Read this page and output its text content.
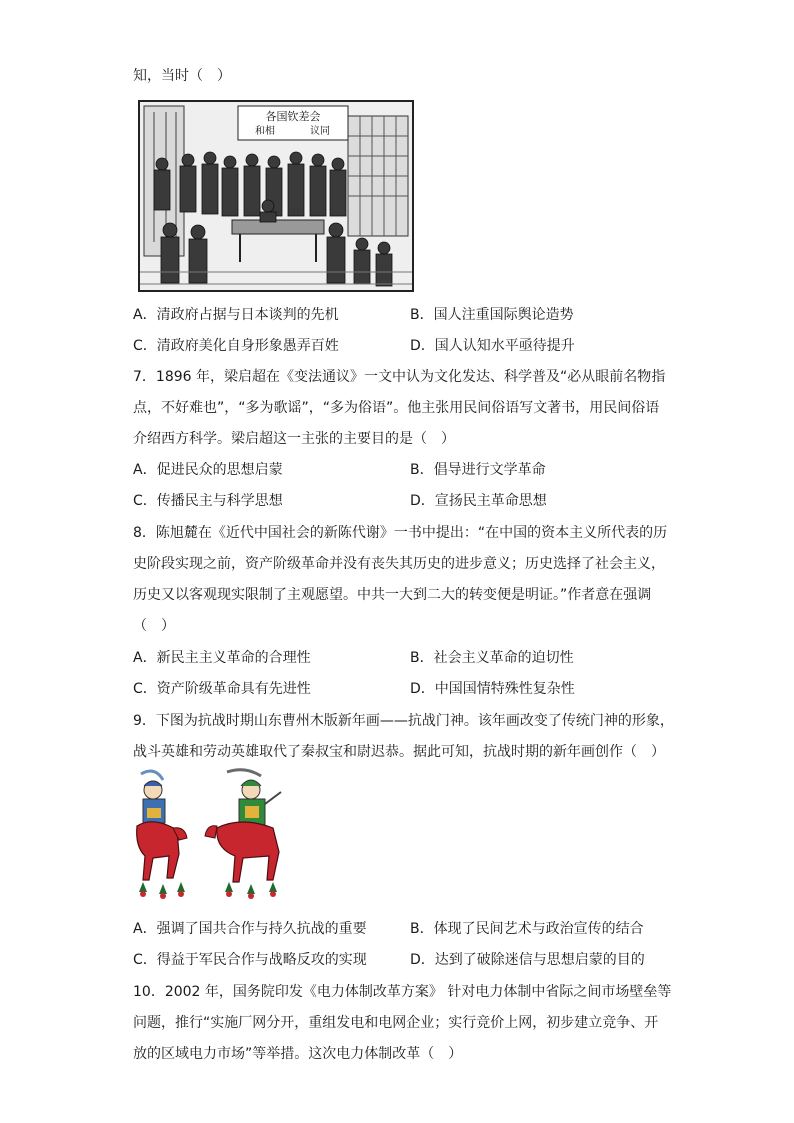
知，当时（　）
各国钦差会
和相	议同
A．清政府占据与日本谈判的先机	B．国人注重国际舆论造势
C．清政府美化自身形象愚弄百姓	D．国人认知水平亟待提升
7．1896 年，梁启超在《变法通议》一文中认为文化发达、科学普及“必从眼前名物指
点，不好难也”，“多为歌谣”，“多为俗语”。他主张用民间俗语写文著书，用民间俗语
介绍西方科学。梁启超这一主张的主要目的是（　）
A．促进民众的思想启蒙	B．倡导进行文学革命
C．传播民主与科学思想	D．宣扬民主革命思想
8．陈旭麓在《近代中国社会的新陈代谢》一书中提出：“在中国的资本主义所代表的历
史阶段实现之前，资产阶级革命并没有丧失其历史的进步意义；历史选择了社会主义，
历史又以客观现实限制了主观愿望。中共一大到二大的转变便是明证。”作者意在强调
（　）
A．新民主主义革命的合理性	B．社会主义革命的迫切性
C．资产阶级革命具有先进性	D．中国国情特殊性复杂性
9．下图为抗战时期山东曹州木版新年画——抗战门神。该年画改变了传统门神的形象，
战斗英雄和劳动英雄取代了秦叔宝和尉迟恭。据此可知，抗战时期的新年画创作（　）
A．强调了国共合作与持久抗战的重要	B．体现了民间艺术与政治宣传的结合
C．得益于军民合作与战略反攻的实现	D．达到了破除迷信与思想启蒙的目的
10．2002 年，国务院印发《电力体制改革方案》 针对电力体制中省际之间市场壁垒等
问题，推行“实施厂网分开，重组发电和电网企业；实行竞价上网，初步建立竞争、开
放的区域电力市场”等举措。这次电力体制改革（　）
